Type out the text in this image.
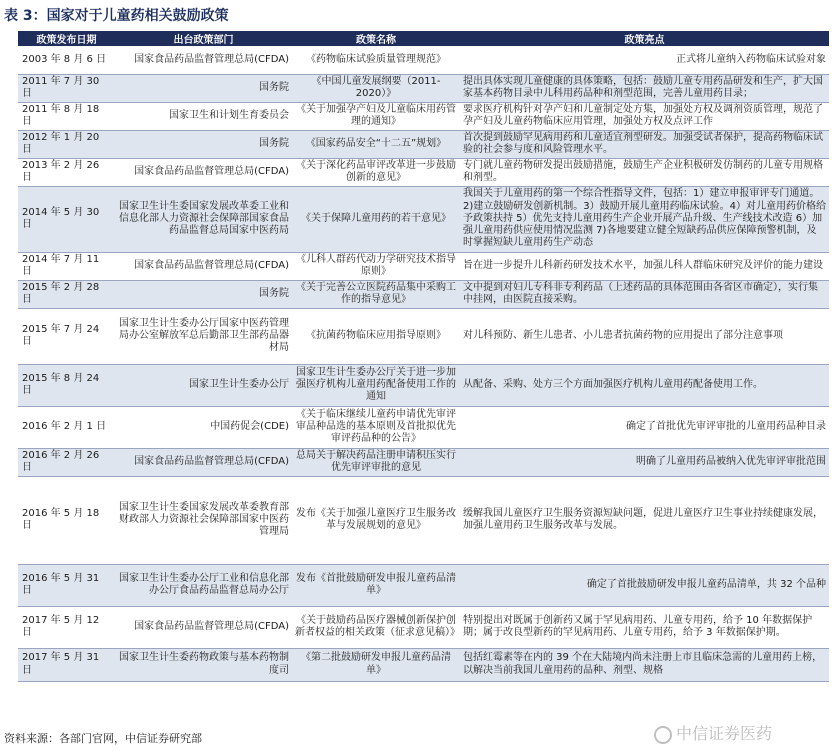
表 3：国家对于儿童药相关鼓励政策
政策发布日期	出台政策部门	政策名称	政策亮点
2003 年 8 月 6 日	国家食品药品监督管理总局(CFDA)	《药物临床试验质量管理规范》	正式将儿童纳入药物临床试验对象
2011 年 7 月 30 日	国务院	《中国儿童发展纲要（2011-2020）》	提出具体实现儿童健康的具体策略，包括：鼓励儿童专用药品研发和生产，扩大国家基本药物目录中儿科用药品种和剂型范围，完善儿童用药目录；
2011 年 8 月 18 日	国家卫生和计划生育委员会	《关于加强孕产妇及儿童临床用药管理的通知》	要求医疗机构针对孕产妇和儿童制定处方集，加强处方权及调剂资质管理，规范了孕产妇及儿童药物临床应用管理，加强处方权及点评工作
2012 年 1 月 20 日	国务院	《国家药品安全“十二五”规划》	首次提到鼓励罕见病用药和儿童适宜剂型研发。加强受试者保护，提高药物临床试验的社会参与度和风险管理水平。
2013 年 2 月 26 日	国家食品药品监督管理总局(CFDA)	《关于深化药品审评改革进一步鼓励创新的意见》	专门就儿童药物研发提出鼓励措施，鼓励生产企业积极研发仿制药的儿童专用规格和剂型。
2014 年 5 月 30 日	国家卫生计生委国家发展改革委工业和信息化部人力资源社会保障部国家食品药品监督总局国家中医药局	《关于保障儿童用药的若干意见》	我国关于儿童用药的第一个综合性指导文件，包括：1）建立申报审评专门通道。2)建立鼓励研发创新机制。3）鼓励开展儿童用药临床试验。4）对儿童用药价格给予政策扶持 5）优先支持儿童用药生产企业开展产品升级、生产线技术改造 6）加强儿童用药供应使用情况监测 7)各地要建立健全短缺药品供应保障预警机制，及时掌握短缺儿童用药生产动态
2014 年 7 月 11 日	国家食品药品监督管理总局(CFDA)	《儿科人群药代动力学研究技术指导原则》	旨在进一步提升儿科新药研发技术水平，加强儿科人群临床研究及评价的能力建设
2015 年 2 月 28 日	国务院	《关于完善公立医院药品集中采购工作的指导意见》	文中提到对妇儿专科非专利药品（上述药品的具体范围由各省区市确定），实行集中挂网，由医院直接采购。
2015 年 7 月 24 日	国家卫生计生委办公厅国家中医药管理局办公室解放军总后勤部卫生部药品器材局	《抗菌药物临床应用指导原则》	对儿科预防、新生儿患者、小儿患者抗菌药物的应用提出了部分注意事项
2015 年 8 月 24 日	国家卫生计生委办公厅	国家卫生计生委办公厅关于进一步加强医疗机构儿童用药配备使用工作的通知	从配备、采购、处方三个方面加强医疗机构儿童用药配备使用工作。
2016 年 2 月 1 日	中国药促会(CDE)	《关于临床继续儿童药申请优先审评审品种品选的基本原则及首批拟优先审评药品种的公告》	确定了首批优先审评审批的儿童用药品种目录
2016 年 2 月 26 日	国家食品药品监督管理总局(CFDA)	总局关于解决药品注册申请积压实行优先审评审批的意见	明确了儿童用药品被纳入优先审评审批范围
2016 年 5 月 18 日	国家卫生计生委国家发展改革委教育部财政部人力资源社会保障部国家中医药管理局	发布《关于加强儿童医疗卫生服务改革与发展规划的意见》	缓解我国儿童医疗卫生服务资源短缺问题，促进儿童医疗卫生事业持续健康发展，加强儿童用药卫生服务改革与发展。
2016 年 5 月 31 日	国家卫生计生委办公厅工业和信息化部办公厅食品药品监督总局办公厅	发布《首批鼓励研发申报儿童药品清单》	确定了首批鼓励研发申报儿童药品清单，共 32 个品种
2017 年 5 月 12 日	国家食品药品监督管理总局(CFDA)	《关于鼓励药品医疗器械创新保护创新者权益的相关政策（征求意见稿）》	特别提出对既属于创新药又属于罕见病用药、儿童专用药，给予 10 年数据保护期；属于改良型新药的罕见病用药、儿童专用药，给予 3 年数据保护期。
2017 年 5 月 31 日	国家卫生计生委药物政策与基本药物制度司	《第二批鼓励研发申报儿童药品清单》	包括红霉素等在内的 39 个在大陆境内尚未注册上市且临床急需的儿童用药上榜，以解决当前我国儿童用药的品种、剂型、规格
资料来源：各部门官网，中信证券研究部	中信证券医药
